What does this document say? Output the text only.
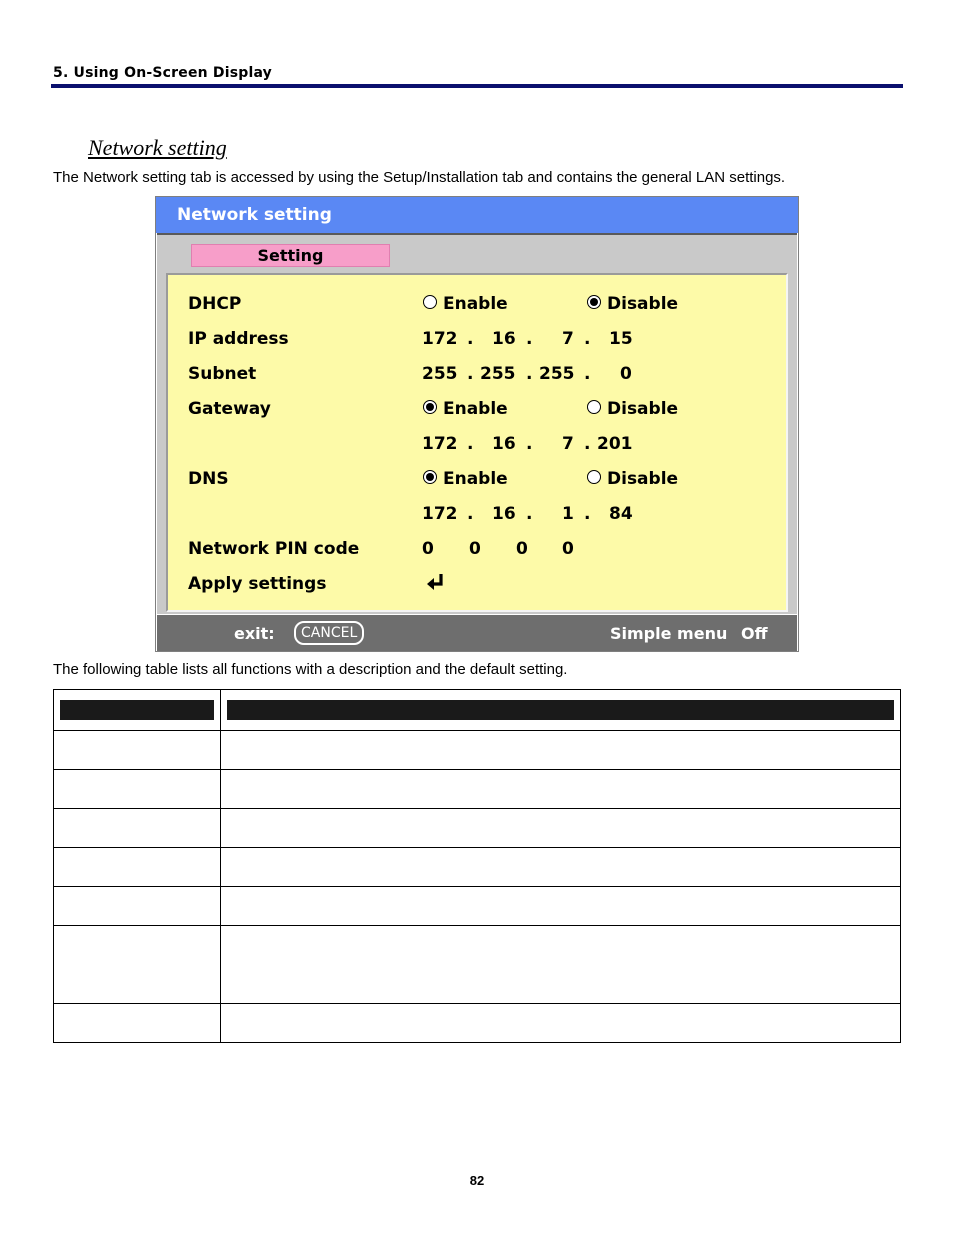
5. Using On-Screen Display
Network setting
The Network setting tab is accessed by using the Setup/Installation tab and contains the general LAN settings.
Network setting
Setting
DHCP	Enable	Disable
IP address	172 . 16 . 7 . 15
Subnet	255 . 255 . 255 . 0
Gateway	Enable	Disable
172 . 16 . 7 . 201
DNS	Enable	Disable
172 . 16 . 1 . 84
Network PIN code	0 0 0 0
Apply settings
exit:	CANCEL	Simple menu Off
The following table lists all functions with a description and the default setting.

82
